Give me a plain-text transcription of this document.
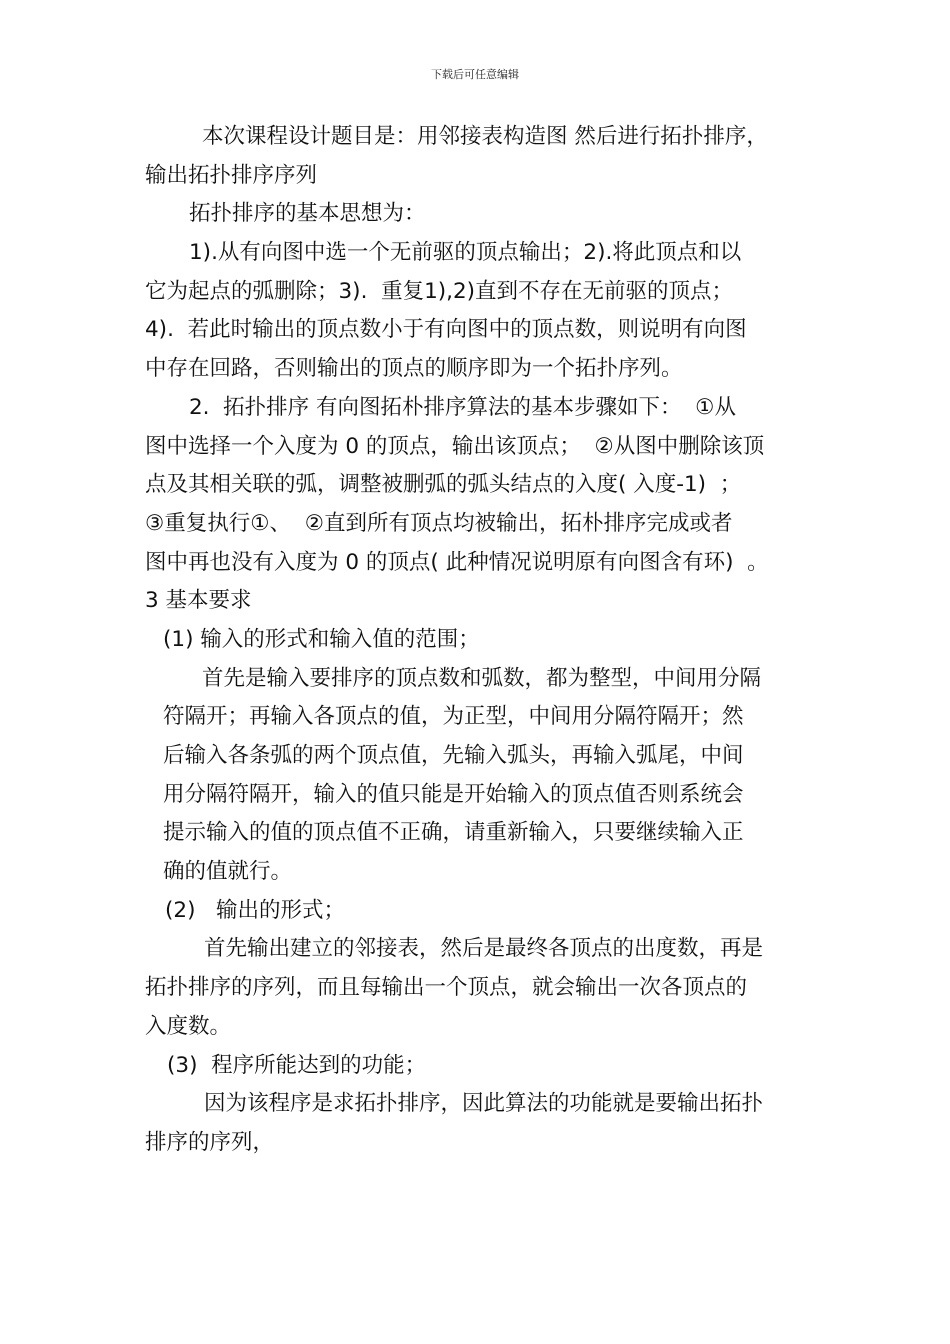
下载后可任意编辑
本次课程设计题目是：用邻接表构造图 然后进行拓扑排序，
输出拓扑排序序列
拓扑排序的基本思想为：
1).从有向图中选一个无前驱的顶点输出；2).将此顶点和以
它为起点的弧删除；3).  重复1),2)直到不存在无前驱的顶点；
4).  若此时输出的顶点数小于有向图中的顶点数，则说明有向图
中存在回路，否则输出的顶点的顺序即为一个拓扑序列。
2.  拓扑排序 有向图拓朴排序算法的基本步骤如下：  ①从
图中选择一个入度为 0 的顶点，输出该顶点；  ②从图中删除该顶
点及其相关联的弧，调整被删弧的弧头结点的入度( 入度-1)  ；
③重复执行①、  ②直到所有顶点均被输出，拓朴排序完成或者
图中再也没有入度为 0 的顶点( 此种情况说明原有向图含有环)  。
3 基本要求
(1) 输入的形式和输入值的范围；
首先是输入要排序的顶点数和弧数，都为整型，中间用分隔
符隔开；再输入各顶点的值，为正型，中间用分隔符隔开；然
后输入各条弧的两个顶点值，先输入弧头，再输入弧尾，中间
用分隔符隔开，输入的值只能是开始输入的顶点值否则系统会
提示输入的值的顶点值不正确，请重新输入，只要继续输入正
确的值就行。
(2)   输出的形式；
首先输出建立的邻接表，然后是最终各顶点的出度数，再是
拓扑排序的序列，而且每输出一个顶点，就会输出一次各顶点的
入度数。
(3)  程序所能达到的功能；
因为该程序是求拓扑排序，因此算法的功能就是要输出拓扑
排序的序列，
